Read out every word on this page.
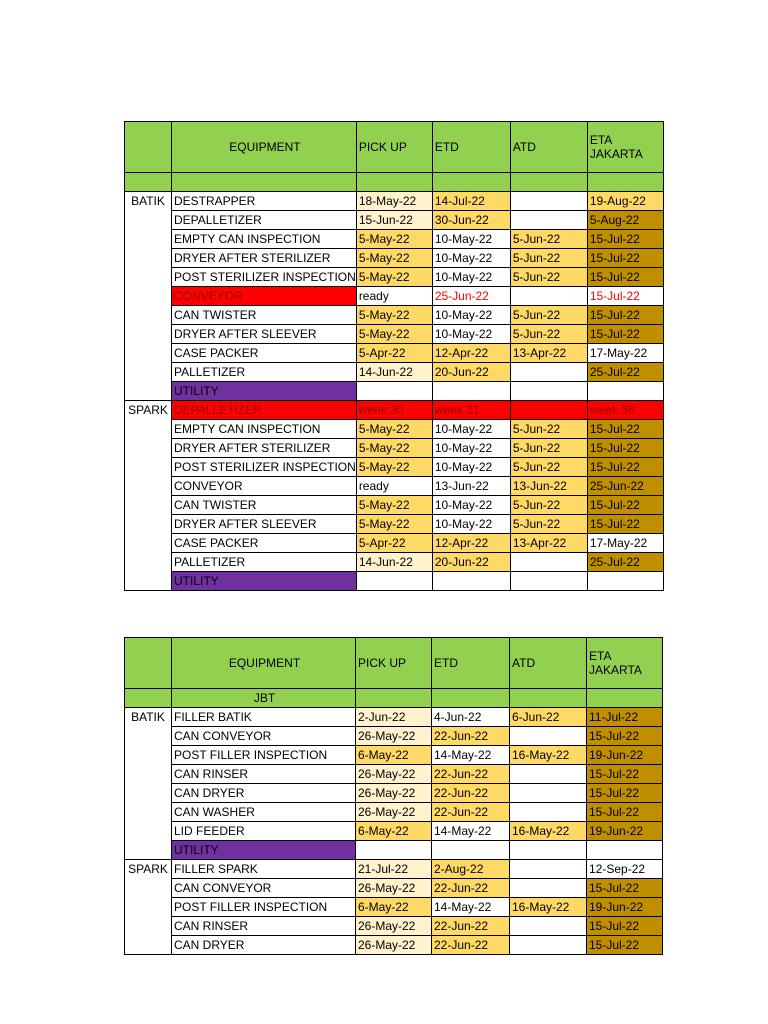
	EQUIPMENT	PICK UP	ETD	ATD	ETA
JAKARTA

BATIK	DESTRAPPER	18-May-22	14-Jul-22		19-Aug-22
	DEPALLETIZER	15-Jun-22	30-Jun-22		5-Aug-22
	EMPTY CAN INSPECTION	5-May-22	10-May-22	5-Jun-22	15-Jul-22
	DRYER AFTER STERILIZER	5-May-22	10-May-22	5-Jun-22	15-Jul-22
	POST STERILIZER INSPECTION	5-May-22	10-May-22	5-Jun-22	15-Jul-22
	CONVEYOR	ready	25-Jun-22		15-Jul-22
	CAN TWISTER	5-May-22	10-May-22	5-Jun-22	15-Jul-22
	DRYER AFTER SLEEVER	5-May-22	10-May-22	5-Jun-22	15-Jul-22
	CASE PACKER	5-Apr-22	12-Apr-22	13-Apr-22	17-May-22
	PALLETIZER	14-Jun-22	20-Jun-22		25-Jul-22
	UTILITY				
SPARK	DEPALLETIZER	week 30	week 31		week 36
	EMPTY CAN INSPECTION	5-May-22	10-May-22	5-Jun-22	15-Jul-22
	DRYER AFTER STERILIZER	5-May-22	10-May-22	5-Jun-22	15-Jul-22
	POST STERILIZER INSPECTION	5-May-22	10-May-22	5-Jun-22	15-Jul-22
	CONVEYOR	ready	13-Jun-22	13-Jun-22	25-Jun-22
	CAN TWISTER	5-May-22	10-May-22	5-Jun-22	15-Jul-22
	DRYER AFTER SLEEVER	5-May-22	10-May-22	5-Jun-22	15-Jul-22
	CASE PACKER	5-Apr-22	12-Apr-22	13-Apr-22	17-May-22
	PALLETIZER	14-Jun-22	20-Jun-22		25-Jul-22
	UTILITY				
	EQUIPMENT	PICK UP	ETD	ATD	ETA
JAKARTA

	JBT				
BATIK	FILLER BATIK	2-Jun-22	4-Jun-22	6-Jun-22	11-Jul-22
	CAN CONVEYOR	26-May-22	22-Jun-22		15-Jul-22
	POST FILLER INSPECTION	6-May-22	14-May-22	16-May-22	19-Jun-22
	CAN RINSER	26-May-22	22-Jun-22		15-Jul-22
	CAN DRYER	26-May-22	22-Jun-22		15-Jul-22
	CAN WASHER	26-May-22	22-Jun-22		15-Jul-22
	LID FEEDER	6-May-22	14-May-22	16-May-22	19-Jun-22
	UTILITY				
SPARK	FILLER SPARK	21-Jul-22	2-Aug-22		12-Sep-22
	CAN CONVEYOR	26-May-22	22-Jun-22		15-Jul-22
	POST FILLER INSPECTION	6-May-22	14-May-22	16-May-22	19-Jun-22
	CAN RINSER	26-May-22	22-Jun-22		15-Jul-22
	CAN DRYER	26-May-22	22-Jun-22		15-Jul-22
